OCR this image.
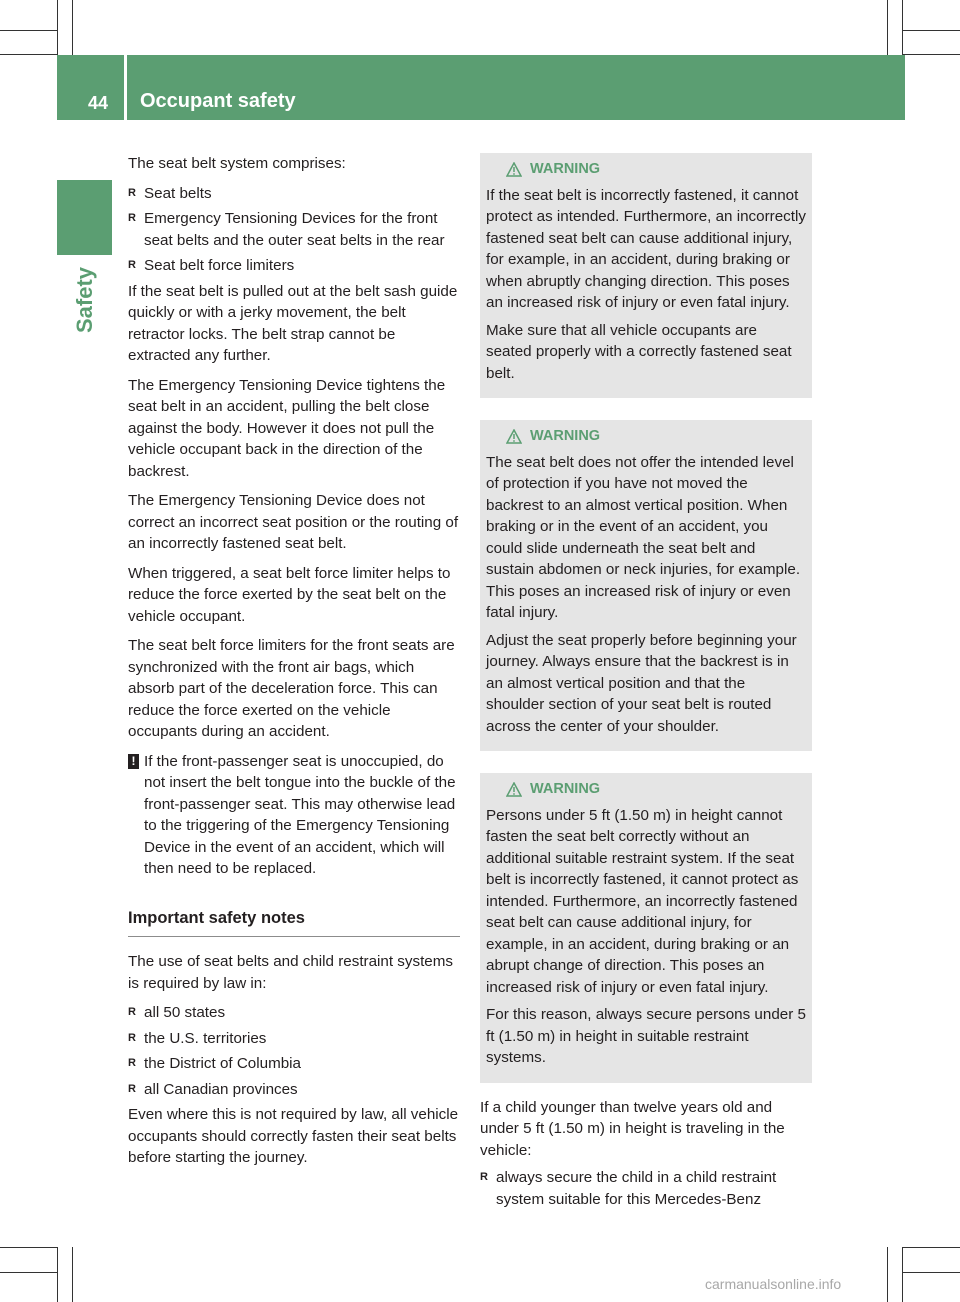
44 Occupant safety
Safety

The seat belt system comprises:

R Seat belts
R Emergency Tensioning Devices for the front seat belts and the outer seat belts in the rear
R Seat belt force limiters

If the seat belt is pulled out at the belt sash guide quickly or with a jerky movement, the belt retractor locks. The belt strap cannot be extracted any further.

The Emergency Tensioning Device tightens the seat belt in an accident, pulling the belt close against the body. However it does not pull the vehicle occupant back in the direction of the backrest.

The Emergency Tensioning Device does not correct an incorrect seat position or the routing of an incorrectly fastened seat belt.

When triggered, a seat belt force limiter helps to reduce the force exerted by the seat belt on the vehicle occupant.

The seat belt force limiters for the front seats are synchronized with the front air bags, which absorb part of the deceleration force. This can reduce the force exerted on the vehicle occupants during an accident.

! If the front-passenger seat is unoccupied, do not insert the belt tongue into the buckle of the front-passenger seat. This may otherwise lead to the triggering of the Emergency Tensioning Device in the event of an accident, which will then need to be replaced.
Important safety notes

The use of seat belts and child restraint systems is required by law in:

R all 50 states
R the U.S. territories
R the District of Columbia
R all Canadian provinces

Even where this is not required by law, all vehicle occupants should correctly fasten their seat belts before starting the journey.

WARNING

If the seat belt is incorrectly fastened, it cannot protect as intended. Furthermore, an incorrectly fastened seat belt can cause additional injury, for example, in an accident, during braking or when abruptly changing direction. This poses an increased risk of injury or even fatal injury.

Make sure that all vehicle occupants are seated properly with a correctly fastened seat belt.

WARNING

The seat belt does not offer the intended level of protection if you have not moved the backrest to an almost vertical position. When braking or in the event of an accident, you could slide underneath the seat belt and sustain abdomen or neck injuries, for example. This poses an increased risk of injury or even fatal injury.

Adjust the seat properly before beginning your journey. Always ensure that the backrest is in an almost vertical position and that the shoulder section of your seat belt is routed across the center of your shoulder.

WARNING

Persons under 5 ft (1.50 m) in height cannot fasten the seat belt correctly without an additional suitable restraint system. If the seat belt is incorrectly fastened, it cannot protect as intended. Furthermore, an incorrectly fastened seat belt can cause additional injury, for example, in an accident, during braking or an abrupt change of direction. This poses an increased risk of injury or even fatal injury.

For this reason, always secure persons under 5 ft (1.50 m) in height in suitable restraint systems.

If a child younger than twelve years old and under 5 ft (1.50 m) in height is traveling in the vehicle:

R always secure the child in a child restraint system suitable for this Mercedes-Benz
carmanualsonline.info
